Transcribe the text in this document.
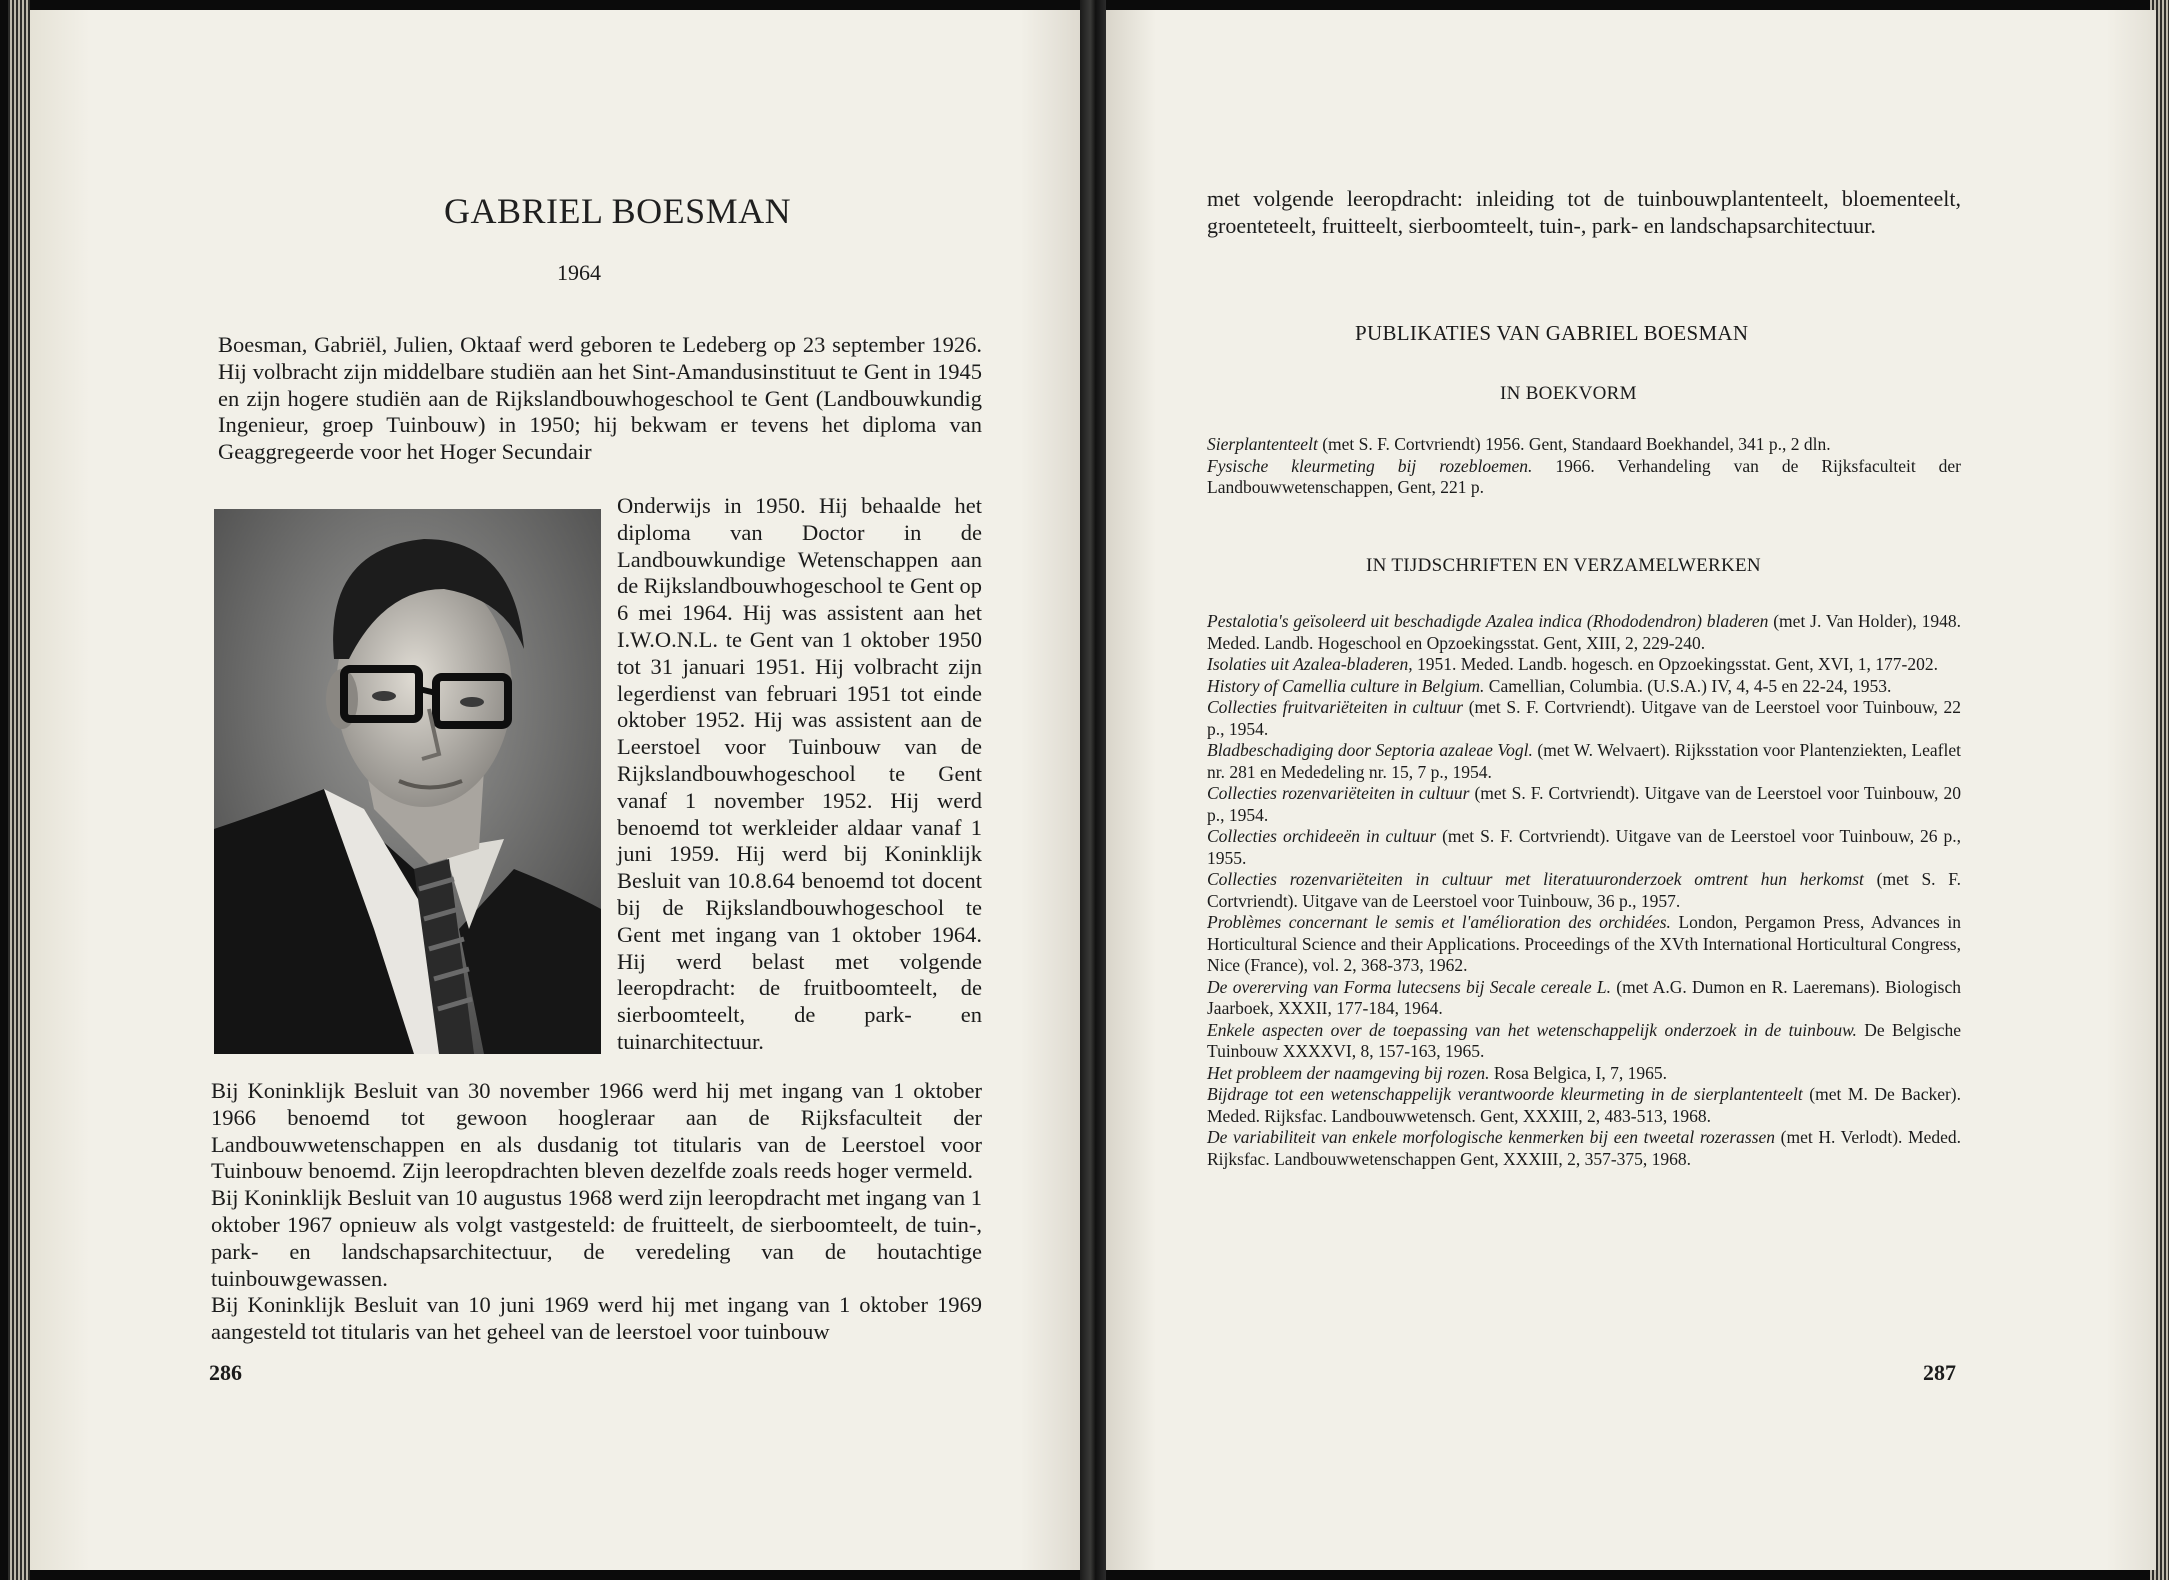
GABRIEL BOESMAN
1964

Boesman, Gabriël, Julien, Oktaaf werd geboren te Ledeberg op 23 september 1926. Hij volbracht zijn middelbare studiën aan het Sint-Amandusinstituut te Gent in 1945 en zijn hogere studiën aan de Rijkslandbouwhogeschool te Gent (Landbouwkundig Ingenieur, groep Tuinbouw) in 1950; hij bekwam er tevens het diploma van Geaggregeerde voor het Hoger Secundair

Onderwijs in 1950. Hij behaalde het diploma van Doctor in de Landbouwkundige Wetenschappen aan de Rijkslandbouwhogeschool te Gent op 6 mei 1964. Hij was assistent aan het I.W.O.N.L. te Gent van 1 oktober 1950 tot 31 januari 1951. Hij volbracht zijn legerdienst van februari 1951 tot einde oktober 1952. Hij was assistent aan de Leerstoel voor Tuinbouw van de Rijkslandbouwhogeschool te Gent vanaf 1 november 1952. Hij werd benoemd tot werkleider aldaar vanaf 1 juni 1959. Hij werd bij Koninklijk Besluit van 10.8.64 benoemd tot docent bij de Rijkslandbouwhogeschool te Gent met ingang van 1 oktober 1964. Hij werd belast met volgende leeropdracht: de fruitboomteelt, de sierboomteelt, de park- en tuinarchitectuur.

Bij Koninklijk Besluit van 30 november 1966 werd hij met ingang van 1 oktober 1966 benoemd tot gewoon hoogleraar aan de Rijksfaculteit der Landbouwwetenschappen en als dusdanig tot titularis van de Leerstoel voor Tuinbouw benoemd. Zijn leeropdrachten bleven dezelfde zoals reeds hoger vermeld.

Bij Koninklijk Besluit van 10 augustus 1968 werd zijn leeropdracht met ingang van 1 oktober 1967 opnieuw als volgt vastgesteld: de fruitteelt, de sierboomteelt, de tuin-, park- en landschapsarchitectuur, de veredeling van de houtachtige tuinbouwgewassen.

Bij Koninklijk Besluit van 10 juni 1969 werd hij met ingang van 1 oktober 1969 aangesteld tot titularis van het geheel van de leerstoel voor tuinbouw

286

met volgende leeropdracht: inleiding tot de tuinbouwplantenteelt, bloementeelt, groenteteelt, fruitteelt, sierboomteelt, tuin-, park- en landschapsarchitectuur.

PUBLIKATIES VAN GABRIEL BOESMAN
IN BOEKVORM

Sierplantenteelt (met S. F. Cortvriendt) 1956. Gent, Standaard Boekhandel, 341 p., 2 dln.

Fysische kleurmeting bij rozebloemen. 1966. Verhandeling van de Rijksfaculteit der Landbouwwetenschappen, Gent, 221 p.

IN TIJDSCHRIFTEN EN VERZAMELWERKEN

Pestalotia's geïsoleerd uit beschadigde Azalea indica (Rhododendron) bladeren (met J. Van Holder), 1948. Meded. Landb. Hogeschool en Opzoekingsstat. Gent, XIII, 2, 229-240.

Isolaties uit Azalea-bladeren, 1951. Meded. Landb. hogesch. en Opzoekingsstat. Gent, XVI, 1, 177-202.

History of Camellia culture in Belgium. Camellian, Columbia. (U.S.A.) IV, 4, 4-5 en 22-24, 1953.

Collecties fruitvariëteiten in cultuur (met S. F. Cortvriendt). Uitgave van de Leerstoel voor Tuinbouw, 22 p., 1954.

Bladbeschadiging door Septoria azaleae Vogl. (met W. Welvaert). Rijksstation voor Plantenziekten, Leaflet nr. 281 en Mededeling nr. 15, 7 p., 1954.

Collecties rozenvariëteiten in cultuur (met S. F. Cortvriendt). Uitgave van de Leerstoel voor Tuinbouw, 20 p., 1954.

Collecties orchideeën in cultuur (met S. F. Cortvriendt). Uitgave van de Leerstoel voor Tuinbouw, 26 p., 1955.

Collecties rozenvariëteiten in cultuur met literatuuronderzoek omtrent hun herkomst (met S. F. Cortvriendt). Uitgave van de Leerstoel voor Tuinbouw, 36 p., 1957.

Problèmes concernant le semis et l'amélioration des orchidées. London, Pergamon Press, Advances in Horticultural Science and their Applications. Proceedings of the XVth International Horticultural Congress, Nice (France), vol. 2, 368-373, 1962.

De overerving van Forma lutecsens bij Secale cereale L. (met A.G. Dumon en R. Laeremans). Biologisch Jaarboek, XXXII, 177-184, 1964.

Enkele aspecten over de toepassing van het wetenschappelijk onderzoek in de tuinbouw. De Belgische Tuinbouw XXXXVI, 8, 157-163, 1965.

Het probleem der naamgeving bij rozen. Rosa Belgica, I, 7, 1965.

Bijdrage tot een wetenschappelijk verantwoorde kleurmeting in de sierplantenteelt (met M. De Backer). Meded. Rijksfac. Landbouwwetensch. Gent, XXXIII, 2, 483-513, 1968.

De variabiliteit van enkele morfologische kenmerken bij een tweetal rozerassen (met H. Verlodt). Meded. Rijksfac. Landbouwwetenschappen Gent, XXXIII, 2, 357-375, 1968.

287
